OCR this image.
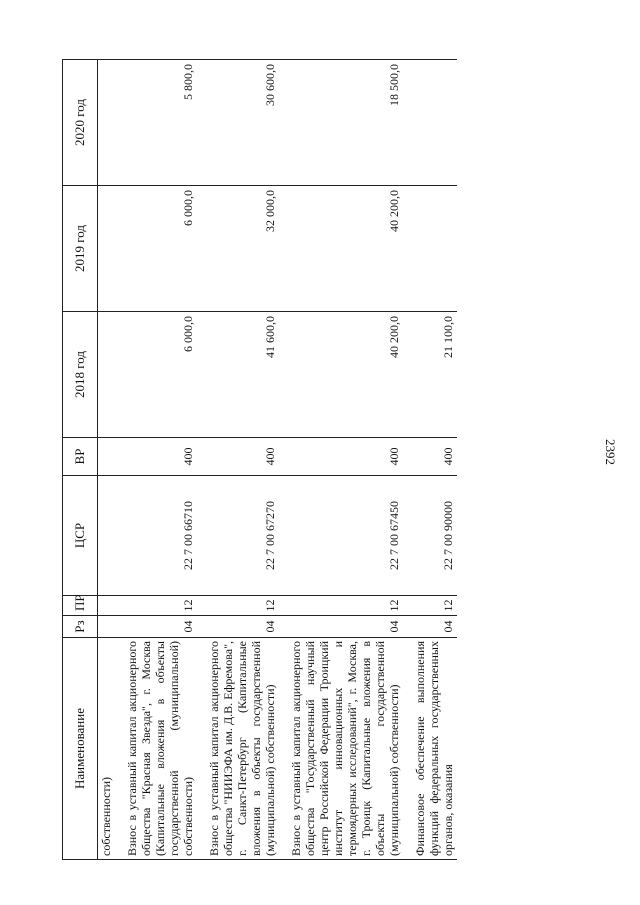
2392
Наименование	Рз	ПР	ЦСР	ВР	2018 год	2019 год	2020 год
собственности)							
Взнос в уставный капитал акционерного общества "Красная Звезда", г. Москва (Капитальные вложения в объекты государственной (муниципальной) собственности)	04	12	22 7 00 66710	400	6 000,0	6 000,0	5 800,0
Взнос в уставный капитал акционерного общества "НИИЭФА им. Д.В. Ефремова", г. Санкт-Петербург (Капитальные вложения в объекты государственной (муниципальной) собственности)	04	12	22 7 00 67270	400	41 600,0	32 000,0	30 600,0
Взнос в уставный капитал акционерного общества "Государственный научный центр Российской Федерации Троицкий институт инновационных и термоядерных исследований", г. Москва, г. Троицк (Капитальные вложения в объекты государственной (муниципальной) собственности)	04	12	22 7 00 67450	400	40 200,0	40 200,0	18 500,0
Финансовое обеспечение выполнения функций федеральных государственных органов, оказания	04	12	22 7 00 90000	400	21 100,0		
